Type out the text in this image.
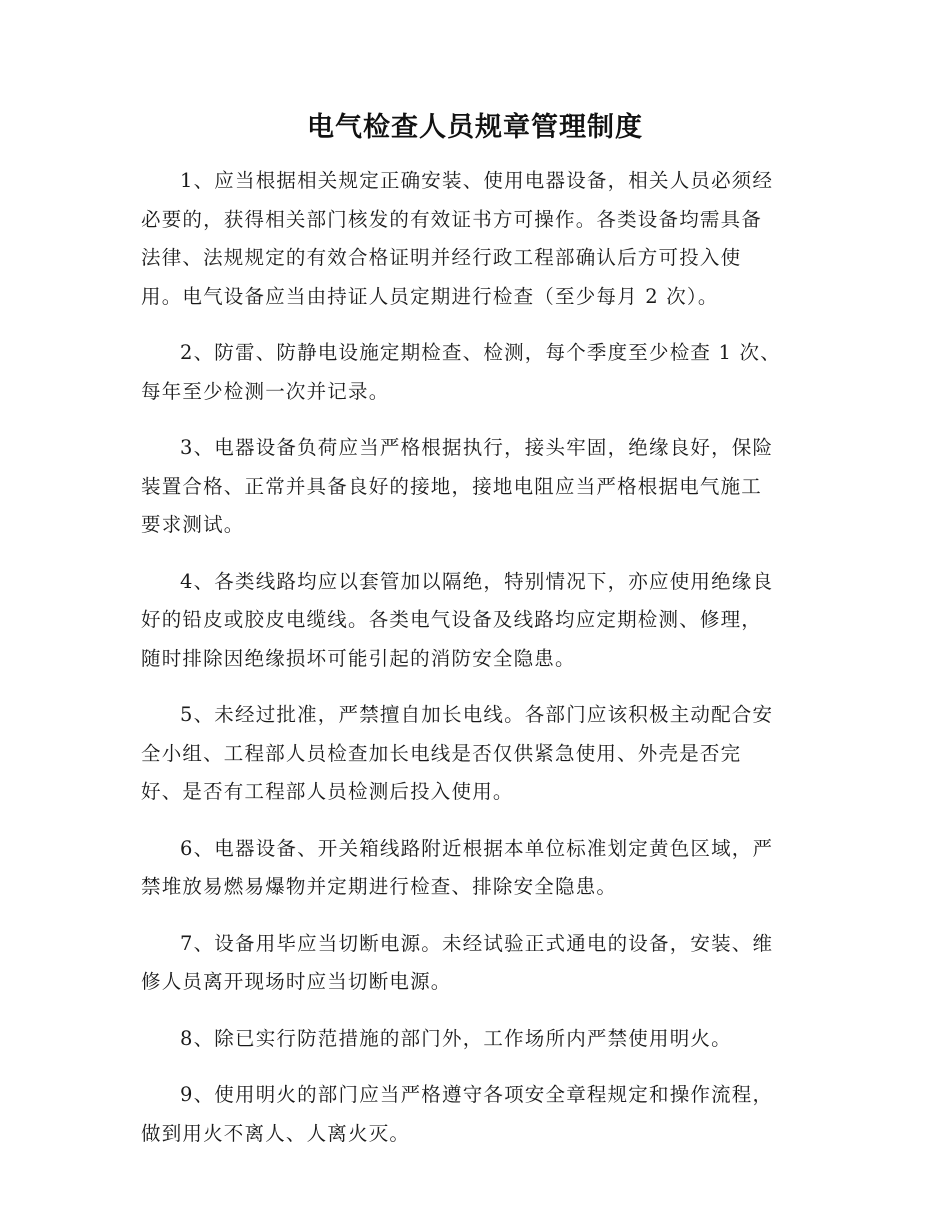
电气检查人员规章管理制度

1、应当根据相关规定正确安装、使用电器设备，相关人员必须经
必要的，获得相关部门核发的有效证书方可操作。各类设备均需具备
法律、法规规定的有效合格证明并经行政工程部确认后方可投入使
用。电气设备应当由持证人员定期进行检查（至少每月 2 次）。

2、防雷、防静电设施定期检查、检测，每个季度至少检查 1 次、
每年至少检测一次并记录。

3、电器设备负荷应当严格根据执行，接头牢固，绝缘良好，保险
装置合格、正常并具备良好的接地，接地电阻应当严格根据电气施工
要求测试。

4、各类线路均应以套管加以隔绝，特别情况下，亦应使用绝缘良
好的铅皮或胶皮电缆线。各类电气设备及线路均应定期检测、修理，
随时排除因绝缘损坏可能引起的消防安全隐患。

5、未经过批准，严禁擅自加长电线。各部门应该积极主动配合安
全小组、工程部人员检查加长电线是否仅供紧急使用、外壳是否完
好、是否有工程部人员检测后投入使用。

6、电器设备、开关箱线路附近根据本单位标准划定黄色区域，严
禁堆放易燃易爆物并定期进行检查、排除安全隐患。

7、设备用毕应当切断电源。未经试验正式通电的设备，安装、维
修人员离开现场时应当切断电源。

8、除已实行防范措施的部门外，工作场所内严禁使用明火。

9、使用明火的部门应当严格遵守各项安全章程规定和操作流程，
做到用火不离人、人离火灭。
